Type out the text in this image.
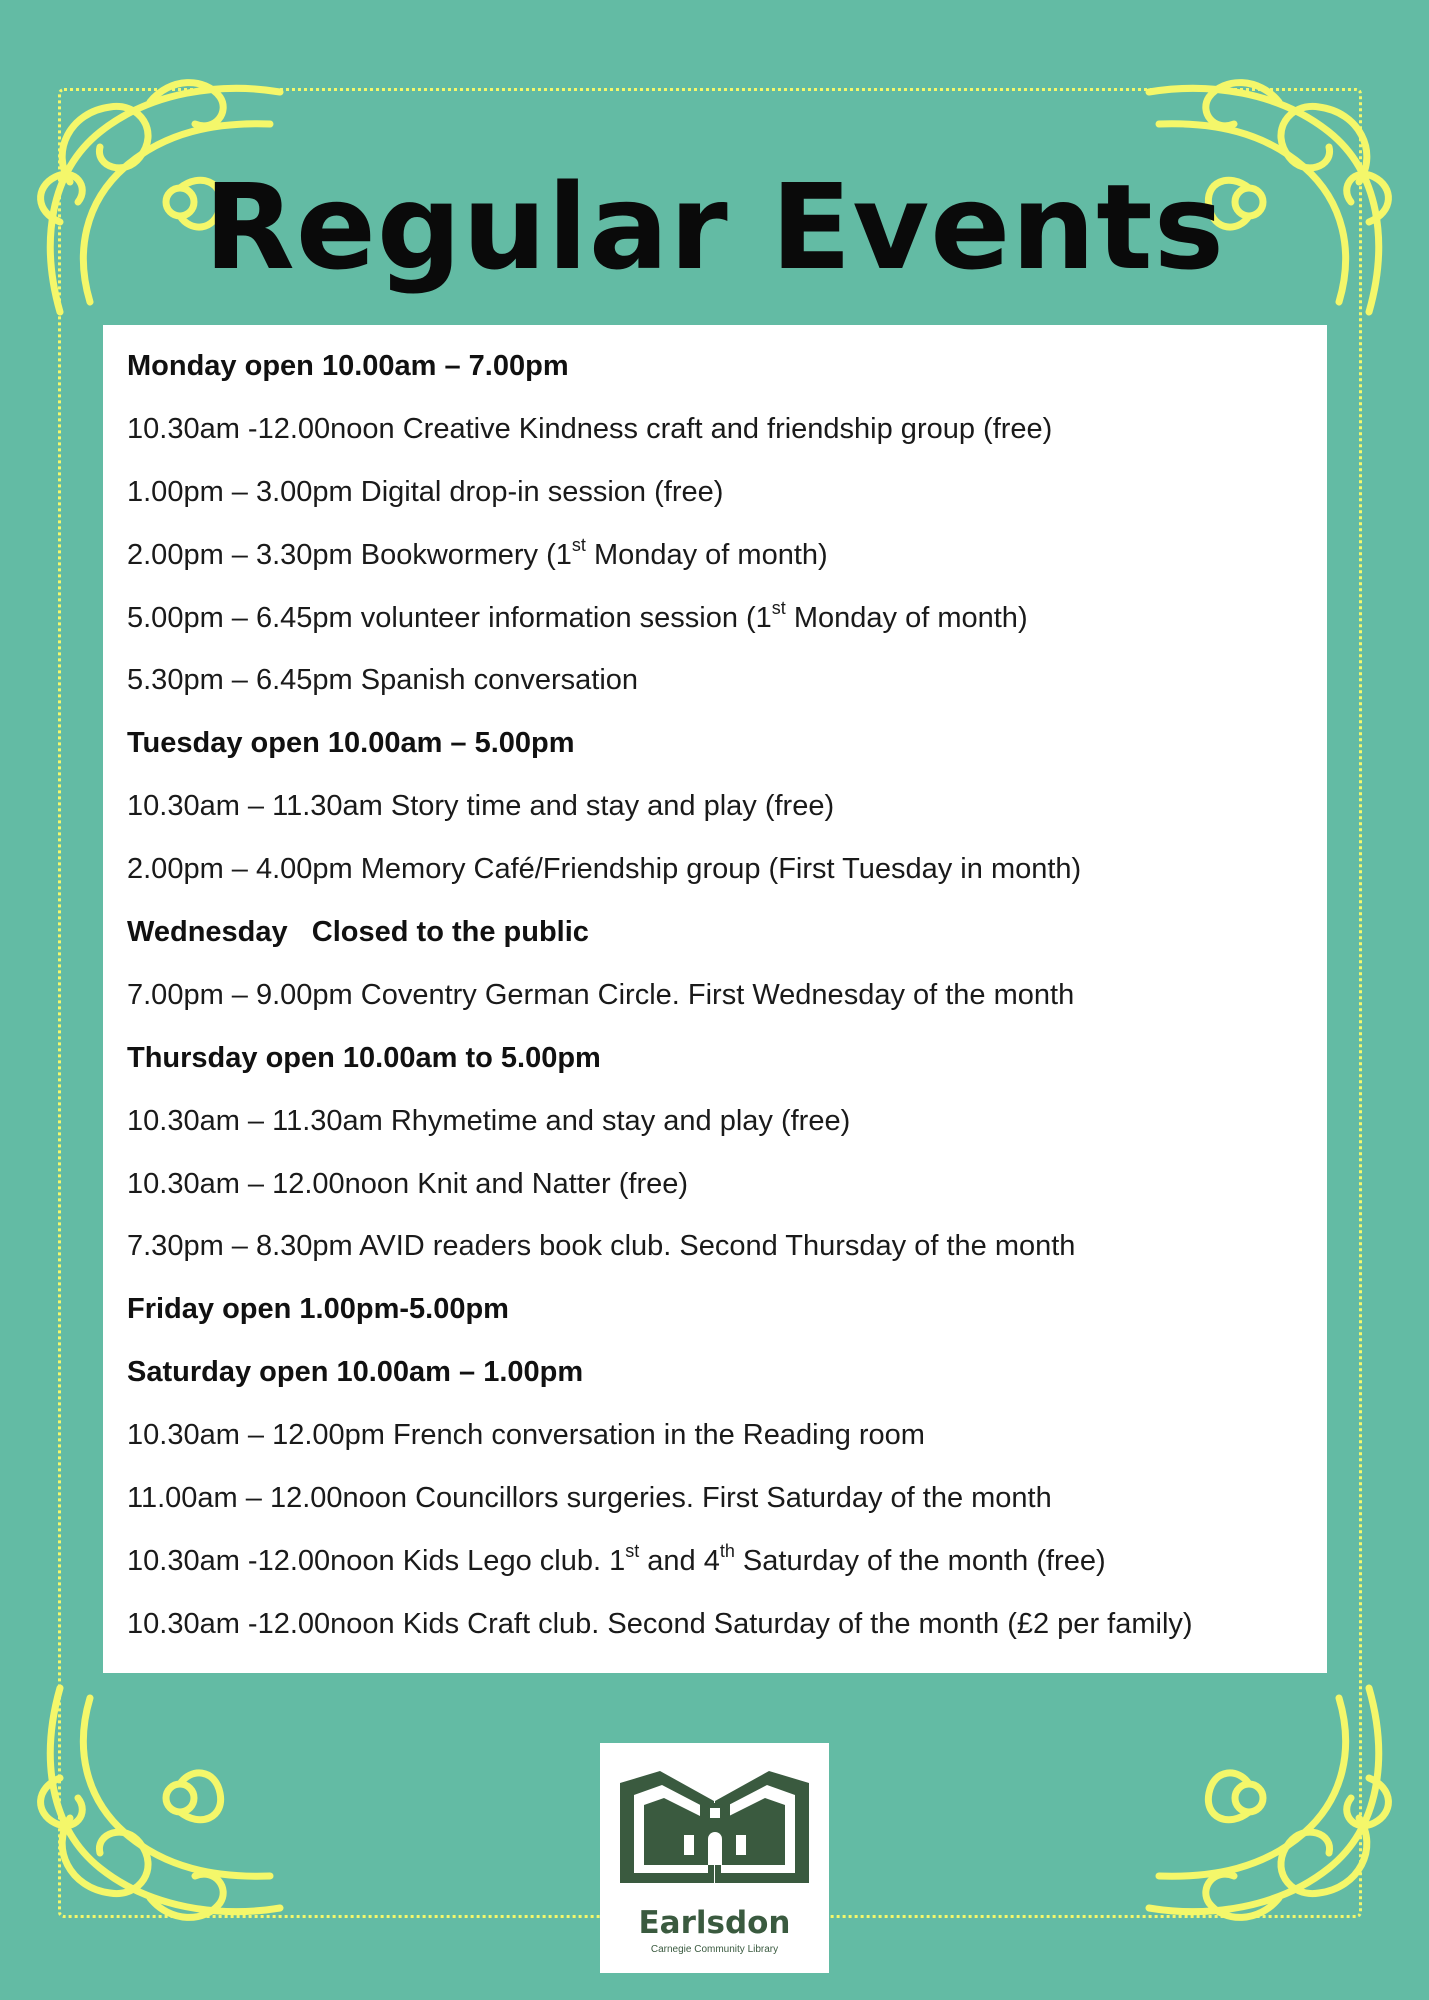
Regular Events
Monday open 10.00am – 7.00pm
10.30am -12.00noon Creative Kindness craft and friendship group (free)
1.00pm – 3.00pm Digital drop-in session (free)
2.00pm – 3.30pm Bookwormery (1st Monday of month)
5.00pm – 6.45pm volunteer information session (1st Monday of month)
5.30pm – 6.45pm Spanish conversation
Tuesday open 10.00am – 5.00pm
10.30am – 11.30am Story time and stay and play (free)
2.00pm – 4.00pm Memory Café/Friendship group (First Tuesday in month)
Wednesday   Closed to the public
7.00pm – 9.00pm Coventry German Circle. First Wednesday of the month
Thursday open 10.00am to 5.00pm
10.30am – 11.30am Rhymetime and stay and play (free)
10.30am – 12.00noon Knit and Natter (free)
7.30pm – 8.30pm AVID readers book club. Second Thursday of the month
Friday open 1.00pm-5.00pm
Saturday open 10.00am – 1.00pm
10.30am – 12.00pm French conversation in the Reading room
11.00am – 12.00noon Councillors surgeries. First Saturday of the month
10.30am -12.00noon Kids Lego club. 1st and 4th Saturday of the month (free)
10.30am -12.00noon Kids Craft club. Second Saturday of the month (£2 per family)
Earlsdon
Carnegie Community Library
